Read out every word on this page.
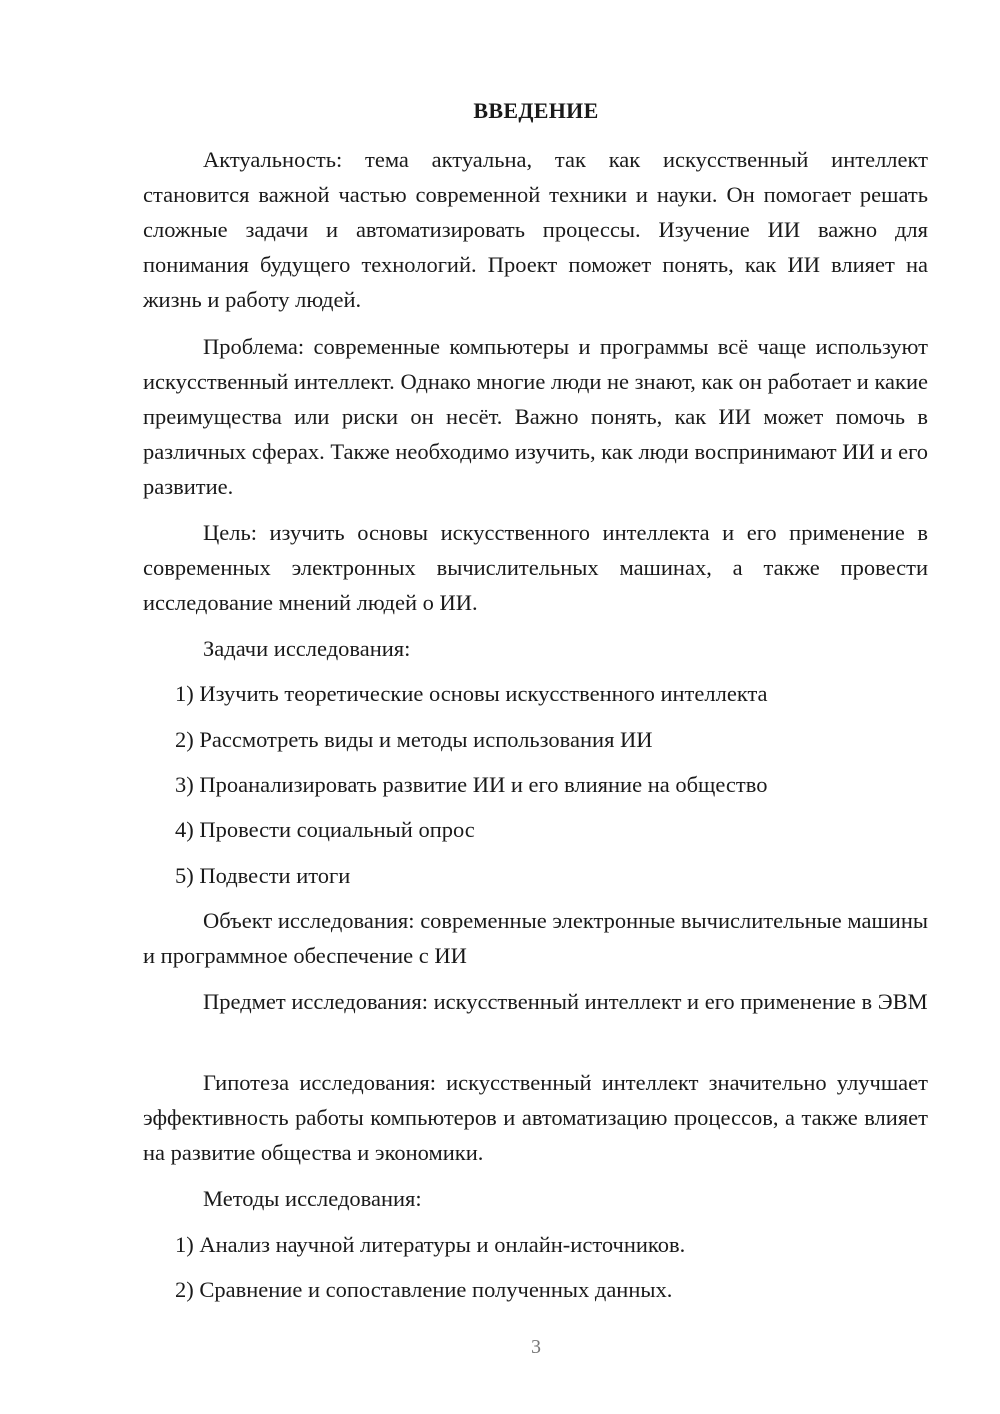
ВВЕДЕНИЕ

Актуальность: тема актуальна, так как искусственный интеллект становится важной частью современной техники и науки. Он помогает решать сложные задачи и автоматизировать процессы. Изучение ИИ важно для понимания будущего технологий. Проект поможет понять, как ИИ влияет на жизнь и работу людей.

Проблема: современные компьютеры и программы всё чаще используют искусственный интеллект. Однако многие люди не знают, как он работает и какие преимущества или риски он несёт. Важно понять, как ИИ может помочь в различных сферах. Также необходимо изучить, как люди воспринимают ИИ и его развитие.

Цель: изучить основы искусственного интеллекта и его применение в современных электронных вычислительных машинах, а также провести исследование мнений людей о ИИ.

Задачи исследования:

1) Изучить теоретические основы искусственного интеллекта

2) Рассмотреть виды и методы использования ИИ

3) Проанализировать развитие ИИ и его влияние на общество

4) Провести социальный опрос

5) Подвести итоги

Объект исследования: современные электронные вычислительные машины и программное обеспечение с ИИ

Предмет исследования: искусственный интеллект и его применение в ЭВМ

Гипотеза исследования: искусственный интеллект значительно улучшает эффективность работы компьютеров и автоматизацию процессов, а также влияет на развитие общества и экономики.

Методы исследования:

1) Анализ научной литературы и онлайн-источников.

2) Сравнение и сопоставление полученных данных.

3
